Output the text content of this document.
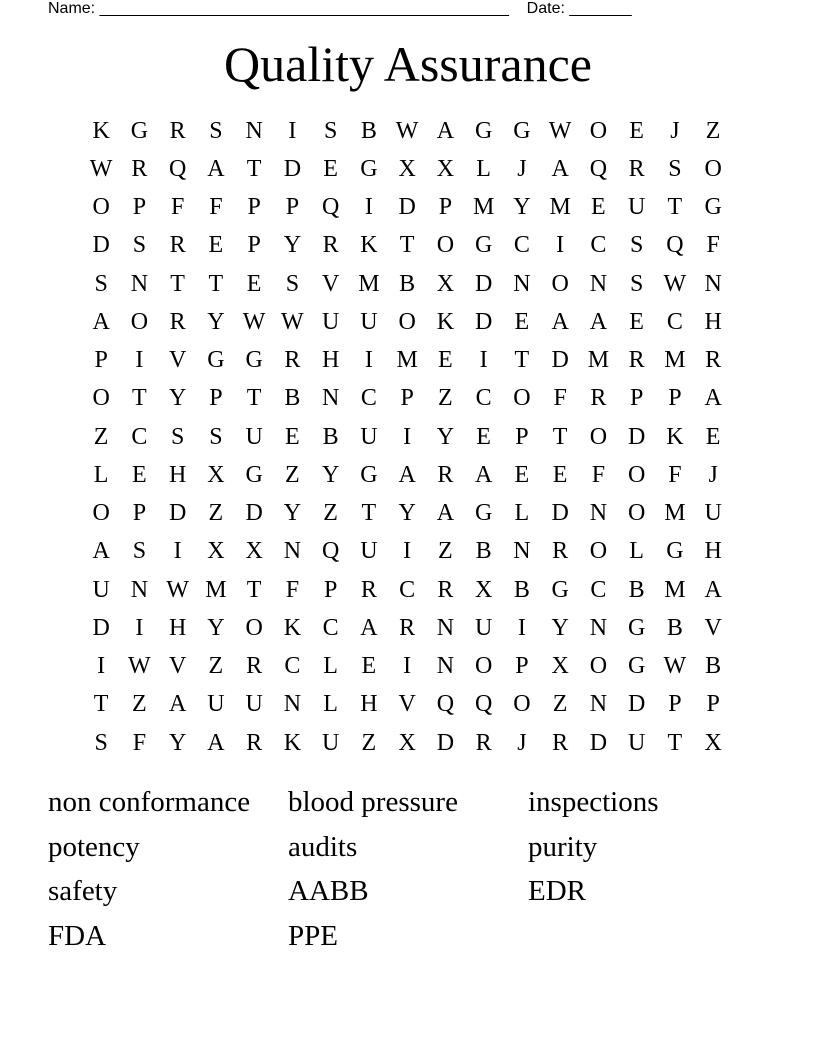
Name: ______________________________________________    Date: _______
Quality Assurance
K G R S N	I	S B W A G G W O E	J	Z
W R Q A T D E G X X L	J	A Q R S O
O P	F	F	P	P Q	I	D P M Y M E U T G
D S R E	P Y R K T O G C	I	C S Q F
S N T T E	S V M B X D N O N S W N
A O R Y W W U U O K D E A A E C H
P	I	V G G R H	I M E	I	T D M R M R
O T Y P	T B N C P	Z C O F R P	P A
Z C S	S U E B U	I	Y E	P	T O D K E
L E H X G Z Y G A R A E E	F O F	J
O P D Z D Y Z T Y A G L D N O M U
A S	I	X X N Q U	I	Z B N R O L G H
U N W M T	F	P R C R X B G C B M A
D	I	H Y O K C A R N U	I	Y N G B V
I W V Z R C L E	I	N O P X O G W B
T Z A U U N L H V Q Q O Z N D P	P
S	F Y A R K U Z X D R	J	R D U T X
non conformance	blood pressure	inspections
potency	audits	purity
safety	AABB	EDR
FDA	PPE
